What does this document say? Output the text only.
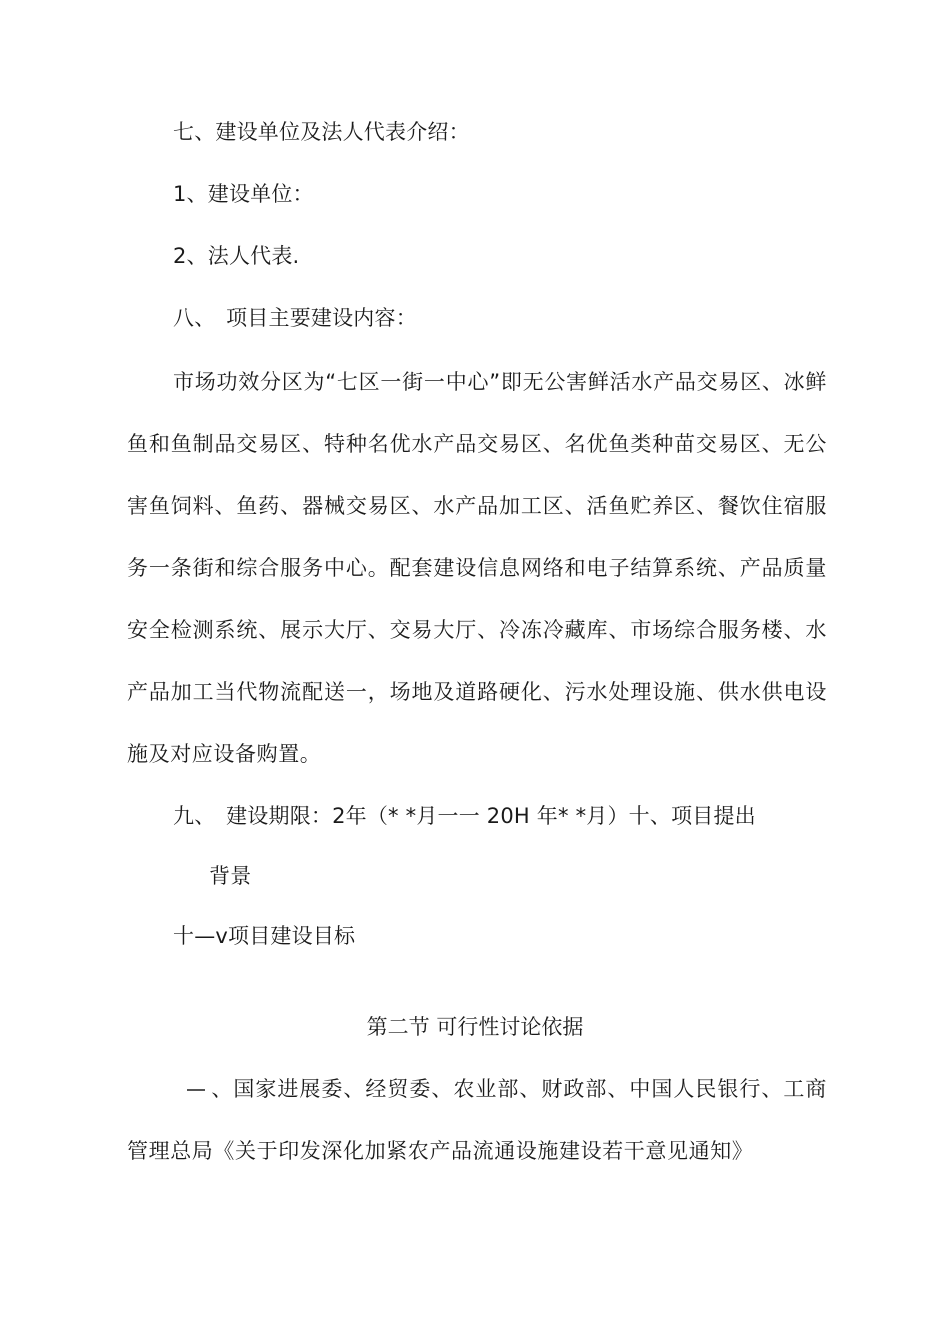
七、建设单位及法人代表介绍：
1、建设单位：
2、法人代表.
八、　项目主要建设内容：
市场功效分区为“七区一街一中心”即无公害鲜活水产品交易区、冰鲜鱼和鱼制品交易区、特种名优水产品交易区、名优鱼类种苗交易区、无公害鱼饲料、鱼药、器械交易区、水产品加工区、活鱼贮养区、餐饮住宿服务一条街和综合服务中心。配套建设信息网络和电子结算系统、产品质量安全检测系统、展示大厅、交易大厅、冷冻冷藏库、市场综合服务楼、水产品加工当代物流配送一，场地及道路硬化、污水处理设施、供水供电设施及对应设备购置。
九、　建设期限：2年（* *月一一 20H 年* *月）十、项目提出
背景
十—v项目建设目标
第二节 可行性讨论依据
、国家进展委、经贸委、农业部、财政部、中国人民银行、工商管理总局《关于印发深化加紧农产品流通设施建设若干意见通知》
